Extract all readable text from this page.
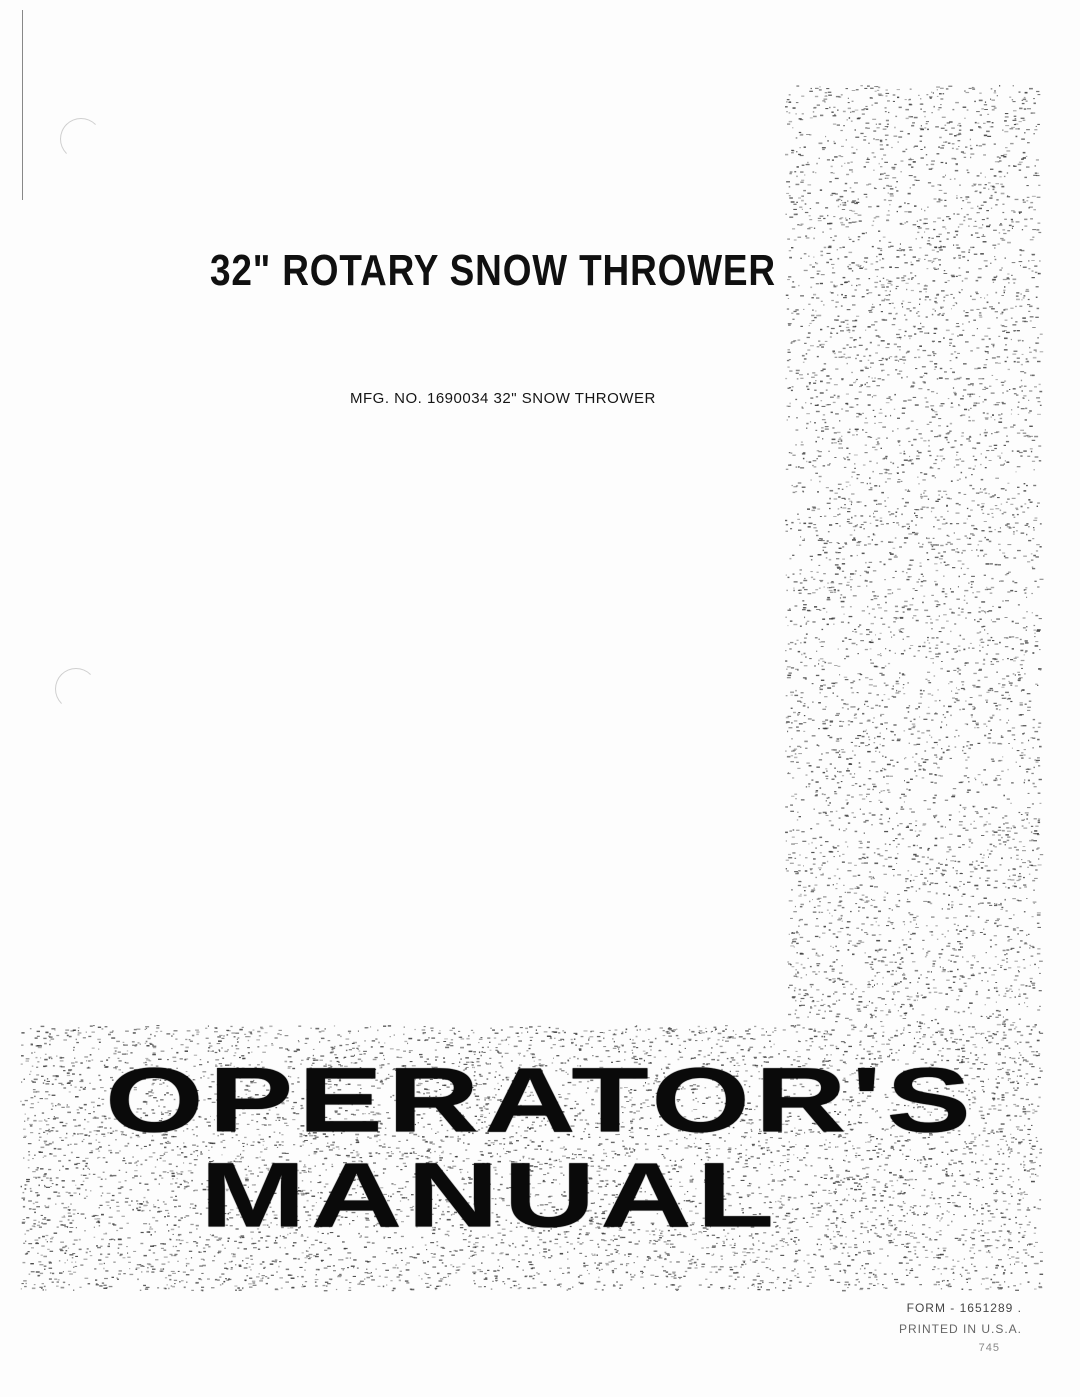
32" ROTARY SNOW THROWER
MFG. NO. 1690034 32" SNOW THROWER
OPERATOR'S
MANUAL
FORM - 1651289 .
PRINTED IN U.S.A.
745
